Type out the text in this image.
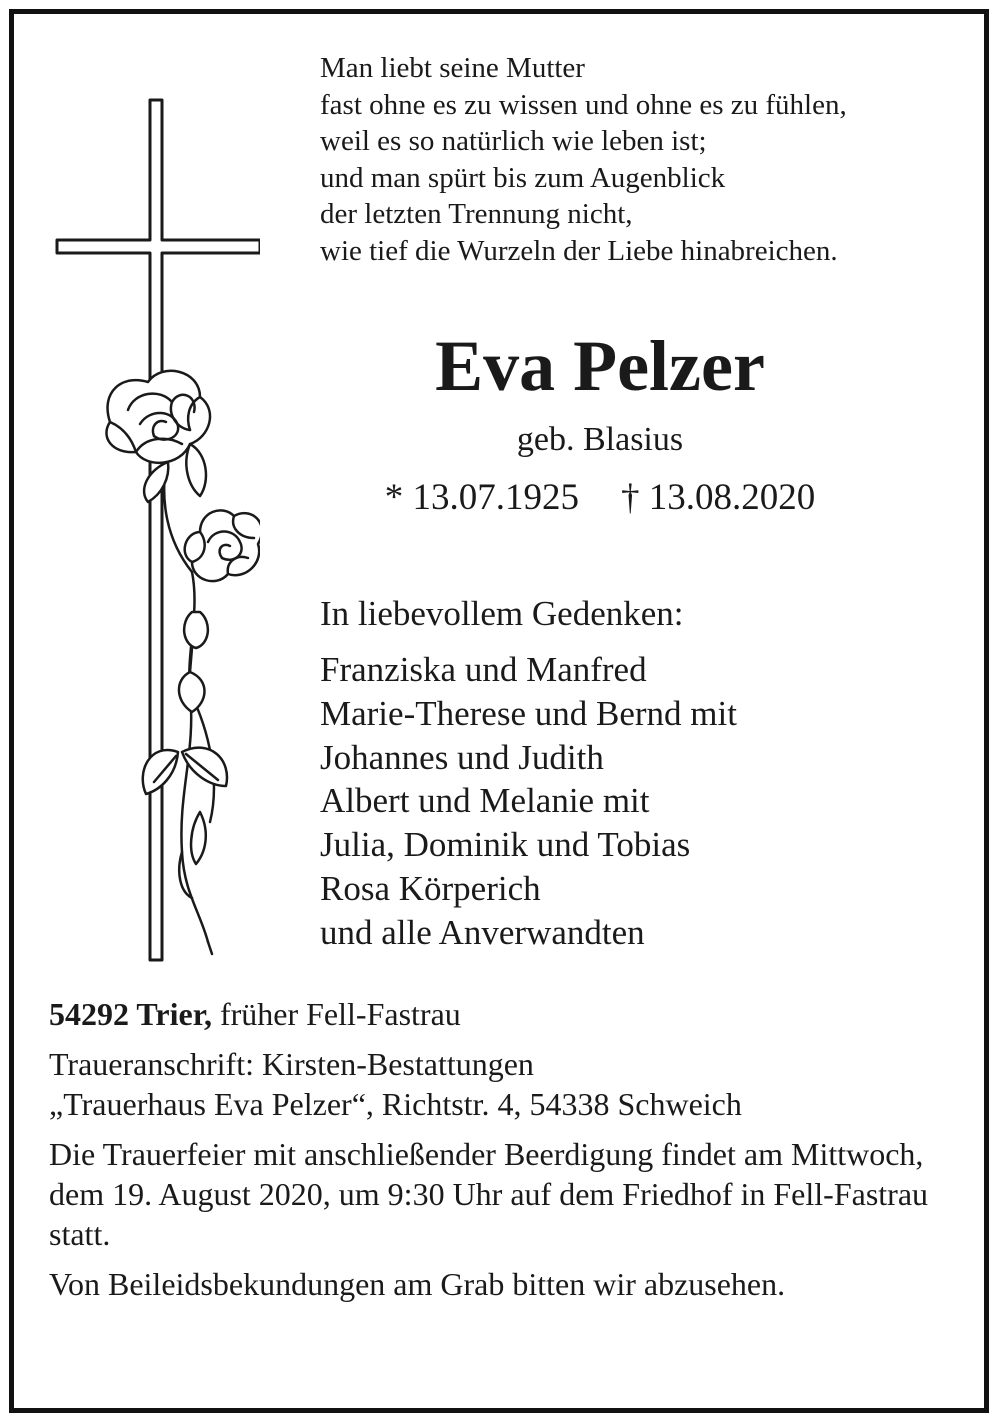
Man liebt seine Mutter
fast ohne es zu wissen und ohne es zu fühlen,
weil es so natürlich wie leben ist;
und man spürt bis zum Augenblick
der letzten Trennung nicht,
wie tief die Wurzeln der Liebe hinabreichen.
Eva Pelzer
geb. Blasius
* 13.07.1925 † 13.08.2020
In liebevollem Gedenken:
Franziska und Manfred
Marie-Therese und Bernd mit
Johannes und Judith
Albert und Melanie mit
Julia, Dominik und Tobias
Rosa Körperich
und alle Anverwandten

54292 Trier, früher Fell-Fastrau

Traueranschrift: Kirsten-Bestattungen
„Trauerhaus Eva Pelzer“, Richtstr. 4, 54338 Schweich

Die Trauerfeier mit anschließender Beerdigung findet am Mittwoch, dem 19. August 2020, um 9:30 Uhr auf dem Friedhof in Fell-Fastrau statt.

Von Beileidsbekundungen am Grab bitten wir abzusehen.
